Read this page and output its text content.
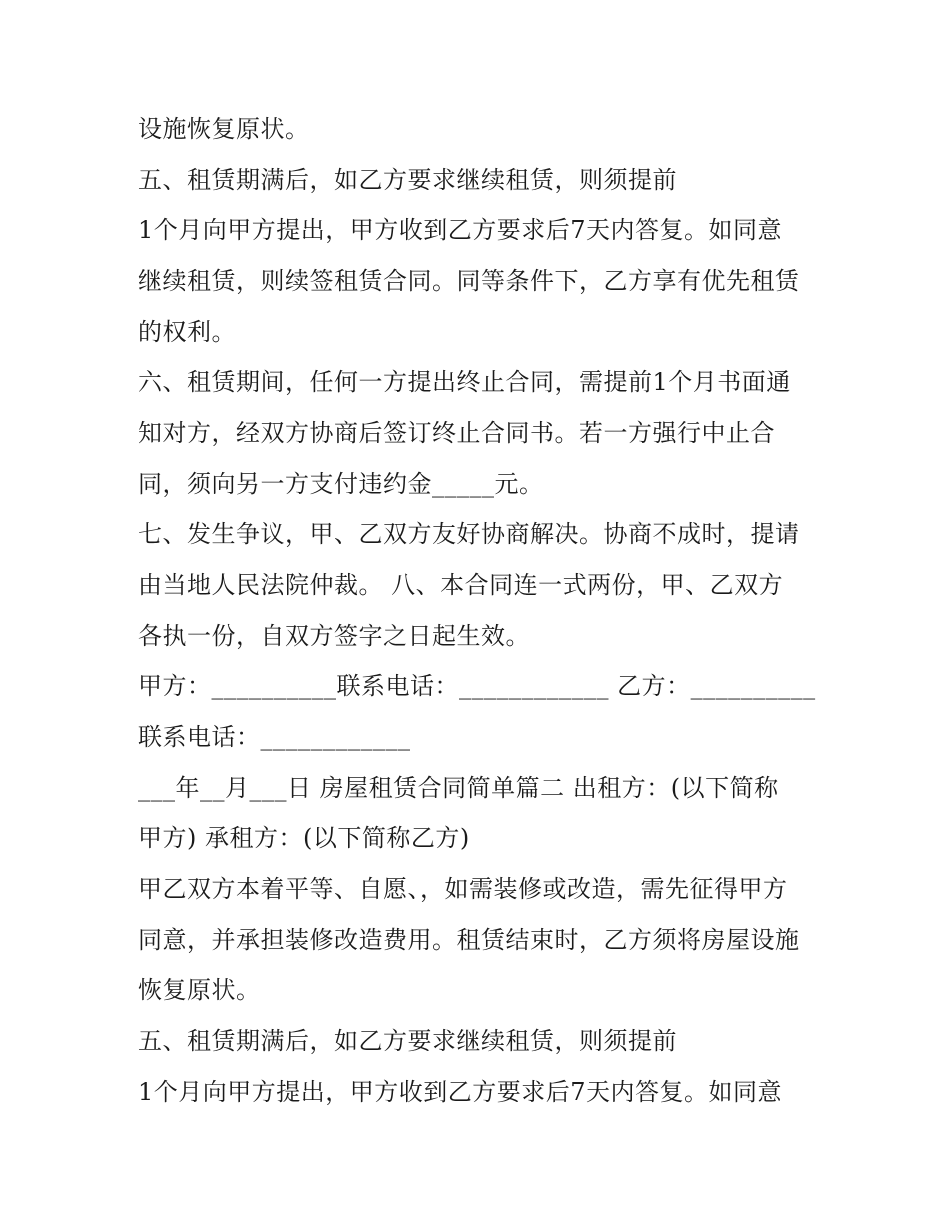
设施恢复原状。
五、租赁期满后，如乙方要求继续租赁，则须提前
1个月向甲方提出，甲方收到乙方要求后7天内答复。如同意
继续租赁，则续签租赁合同。同等条件下，乙方享有优先租赁
的权利。
六、租赁期间，任何一方提出终止合同，需提前1个月书面通
知对方，经双方协商后签订终止合同书。若一方强行中止合
同，须向另一方支付违约金_____元。
七、发生争议，甲、乙双方友好协商解决。协商不成时，提请
由当地人民法院仲裁。 八、本合同连一式两份，甲、乙双方
各执一份，自双方签字之日起生效。
甲方：__________联系电话：____________ 乙方：__________
联系电话：____________
___年__月___日 房屋租赁合同简单篇二 出租方：(以下简称
甲方) 承租方：(以下简称乙方)
甲乙双方本着平等、自愿、，如需装修或改造，需先征得甲方
同意，并承担装修改造费用。租赁结束时，乙方须将房屋设施
恢复原状。
五、租赁期满后，如乙方要求继续租赁，则须提前
1个月向甲方提出，甲方收到乙方要求后7天内答复。如同意
